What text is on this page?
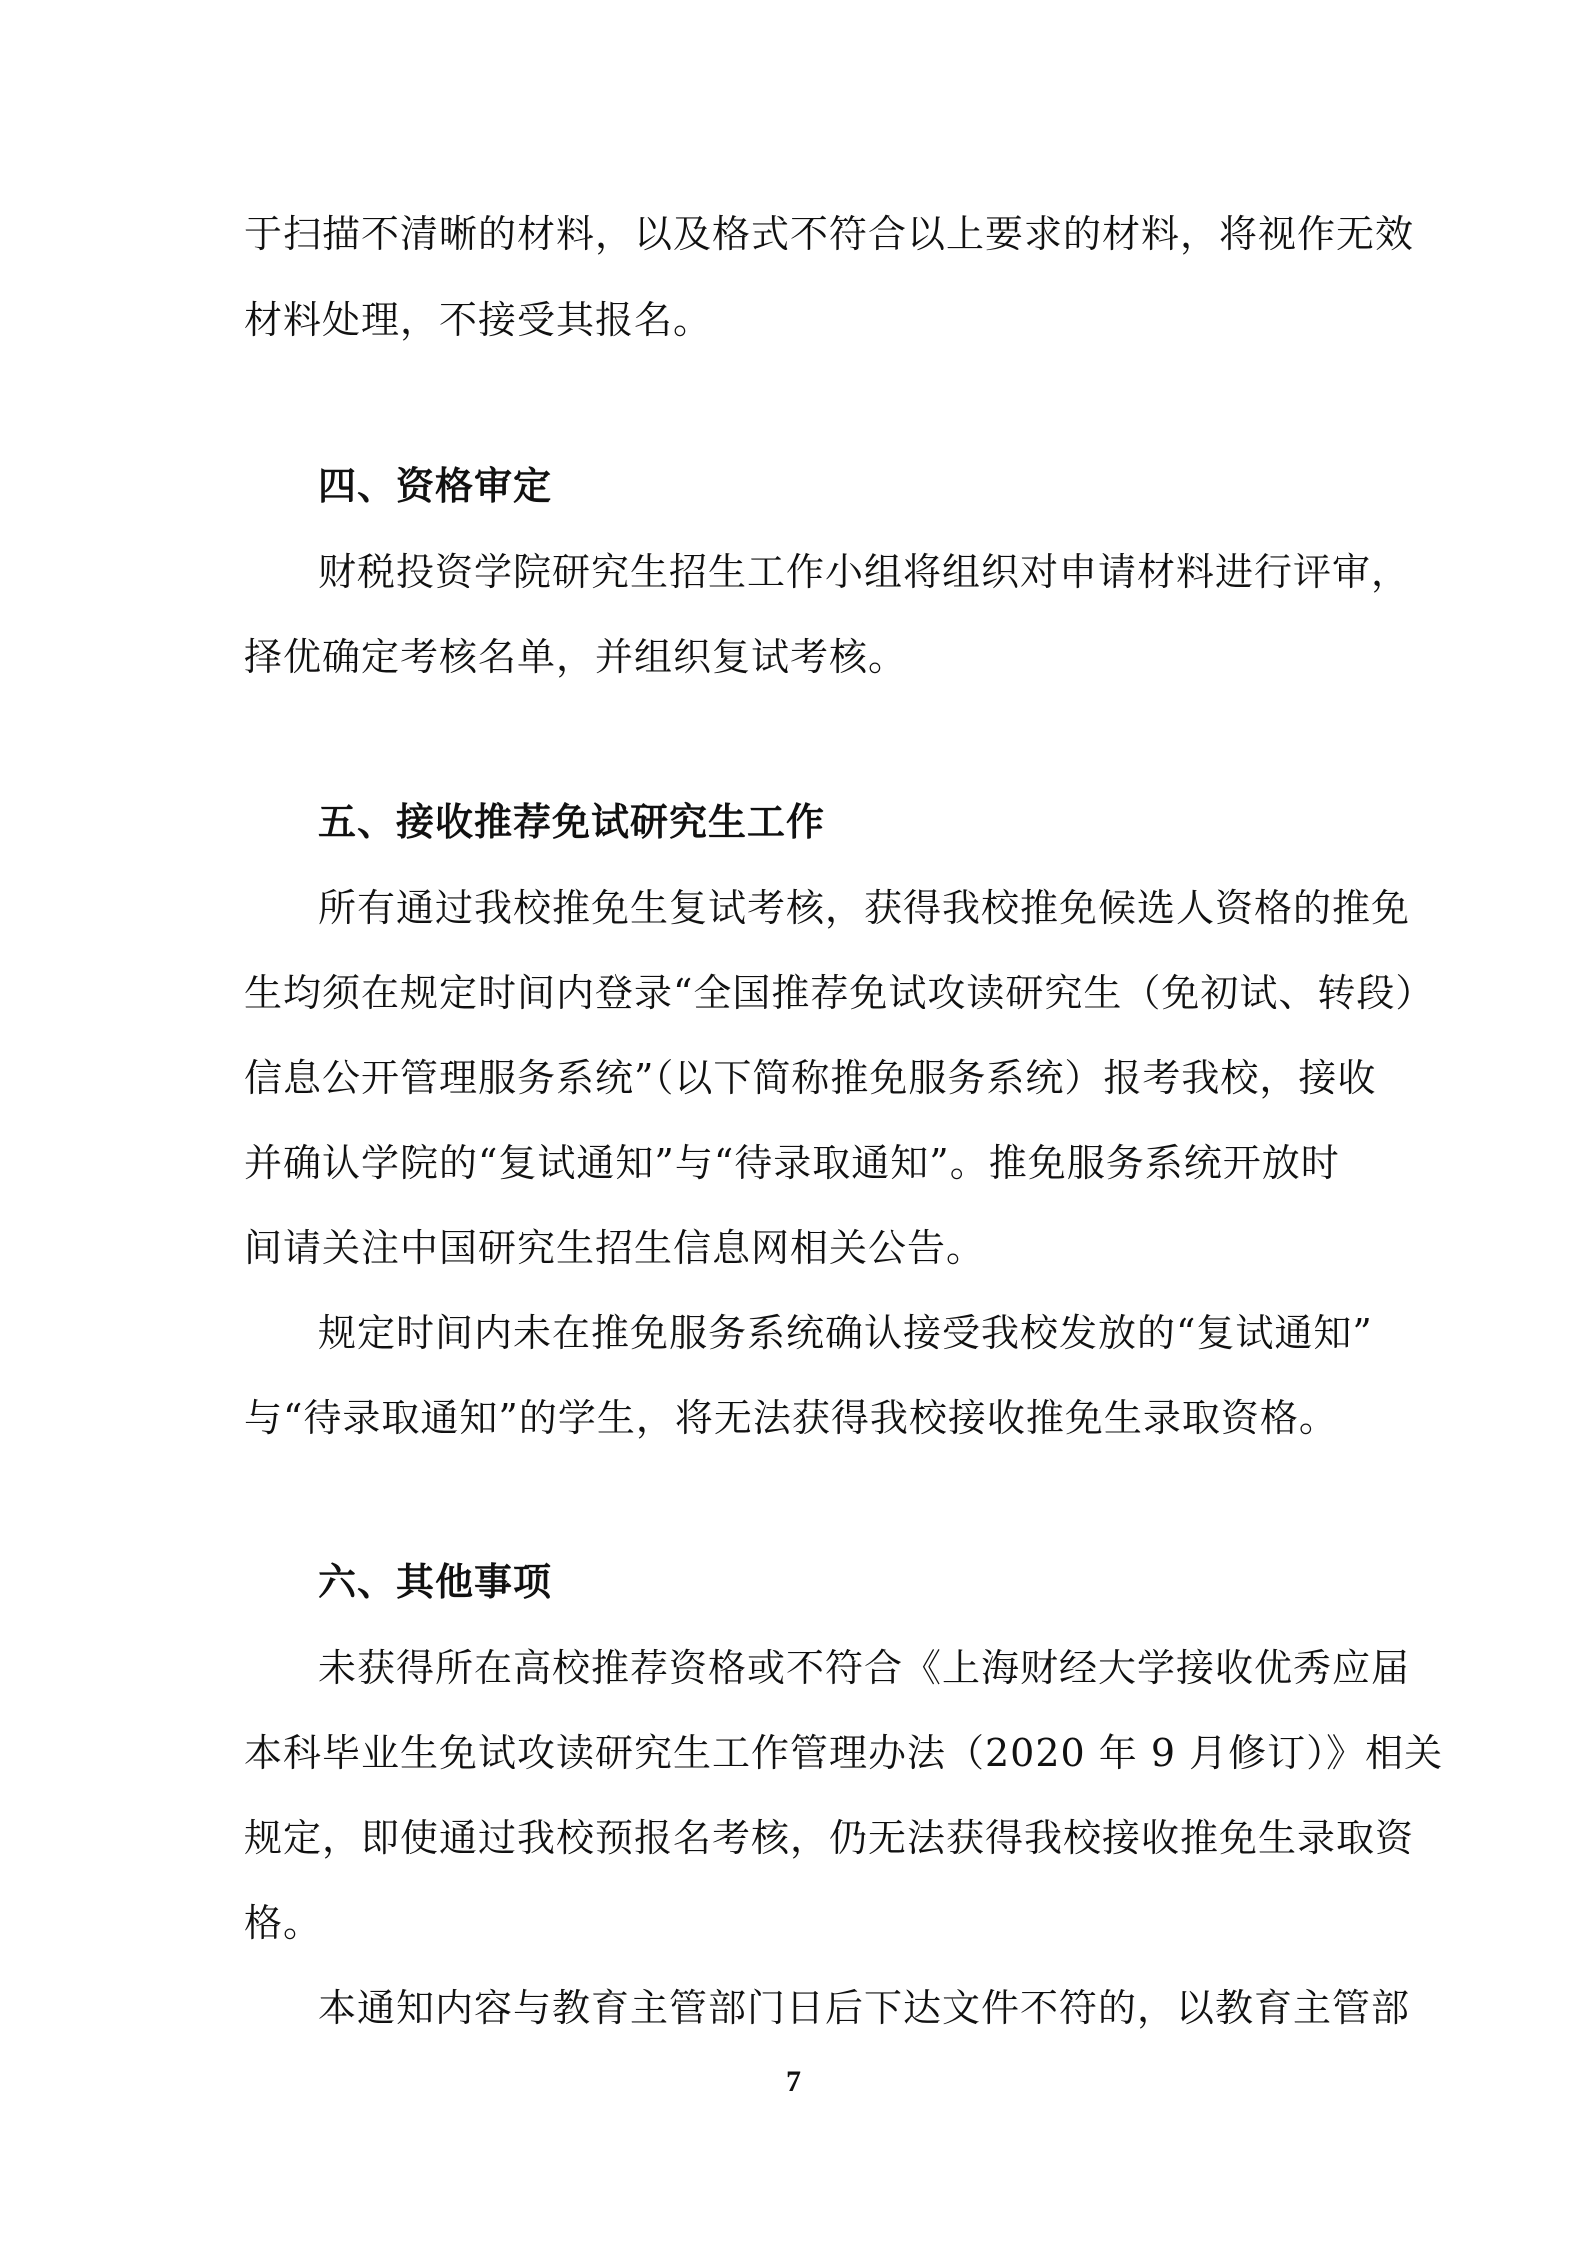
于扫描不清晰的材料，以及格式不符合以上要求的材料，将视作无效
材料处理，不接受其报名。
四、资格审定
财税投资学院研究生招生工作小组将组织对申请材料进行评审，
择优确定考核名单，并组织复试考核。
五、接收推荐免试研究生工作
所有通过我校推免生复试考核，获得我校推免候选人资格的推免
生均须在规定时间内登录“全国推荐免试攻读研究生（免初试、转段）
信息公开管理服务系统”（以下简称推免服务系统）报考我校，接收
并确认学院的“复试通知”与“待录取通知”。推免服务系统开放时
间请关注中国研究生招生信息网相关公告。
规定时间内未在推免服务系统确认接受我校发放的“复试通知”
与“待录取通知”的学生，将无法获得我校接收推免生录取资格。
六、其他事项
未获得所在高校推荐资格或不符合《上海财经大学接收优秀应届
本科毕业生免试攻读研究生工作管理办法（2020 年 9 月修订）》相关
规定，即使通过我校预报名考核，仍无法获得我校接收推免生录取资
格。
本通知内容与教育主管部门日后下达文件不符的，以教育主管部
7
